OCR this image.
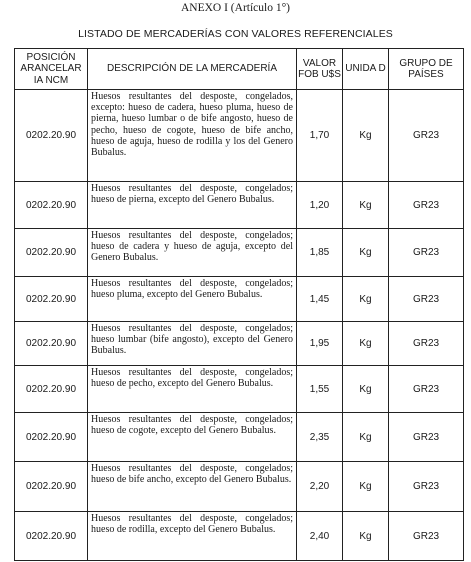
ANEXO I (Artículo 1°)
LISTADO DE MERCADERÍAS CON VALORES REFERENCIALES
POSICIÓN ARANCELAR IA NCM	DESCRIPCIÓN DE LA MERCADERÍA	VALOR FOB U$S	UNIDA D	GRUPO DE PAÍSES
0202.20.90	Huesos resultantes del desposte, congelados, excepto: hueso de cadera, hueso pluma, hueso de pierna, hueso lumbar o de bife angosto, hueso de pecho, hueso de cogote, hueso de bife ancho, hueso de aguja, hueso de rodilla y los del Genero Bubalus.	1,70	Kg	GR23
0202.20.90	Huesos resultantes del desposte, congelados; hueso de pierna, excepto del Genero Bubalus.	1,20	Kg	GR23
0202.20.90	Huesos resultantes del desposte, congelados; hueso de cadera y hueso de aguja, excepto del Genero Bubalus.	1,85	Kg	GR23
0202.20.90	Huesos resultantes del desposte, congelados; hueso pluma, excepto del Genero Bubalus.	1,45	Kg	GR23
0202.20.90	Huesos resultantes del desposte, congelados; hueso lumbar (bife angosto), excepto del Genero Bubalus.	1,95	Kg	GR23
0202.20.90	Huesos resultantes del desposte, congelados; hueso de pecho, excepto del Genero Bubalus.	1,55	Kg	GR23
0202.20.90	Huesos resultantes del desposte, congelados; hueso de cogote, excepto del Genero Bubalus.	2,35	Kg	GR23
0202.20.90	Huesos resultantes del desposte, congelados; hueso de bife ancho, excepto del Genero Bubalus.	2,20	Kg	GR23
0202.20.90	Huesos resultantes del desposte, congelados; hueso de rodilla, excepto del Genero Bubalus.	2,40	Kg	GR23
